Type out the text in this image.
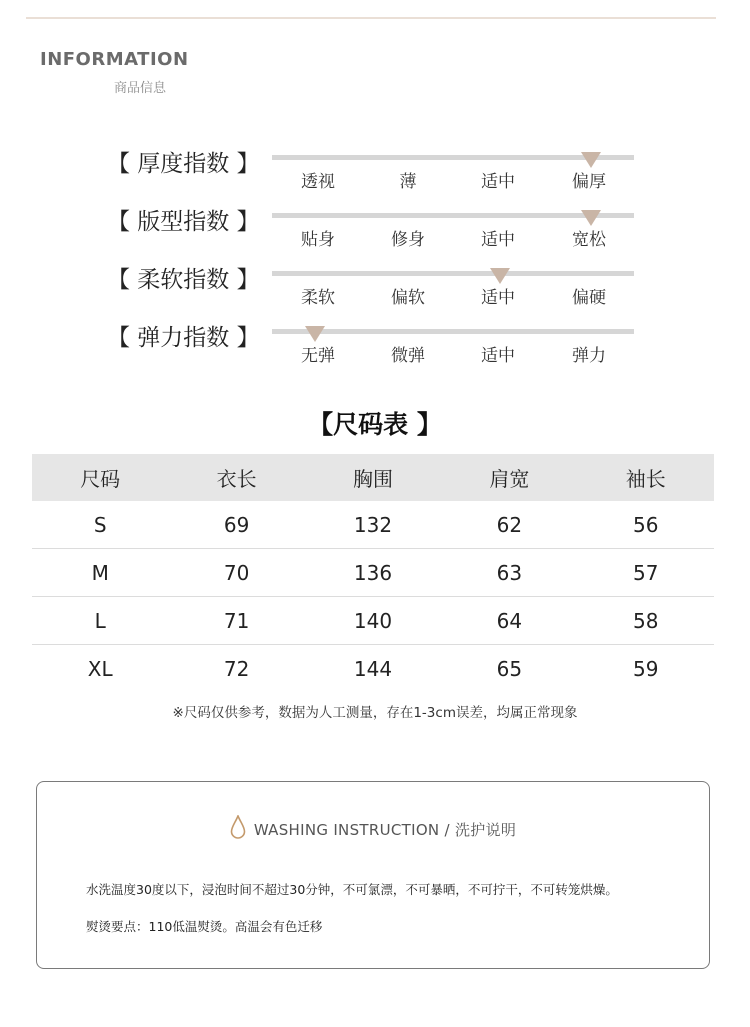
INFORMATION
商品信息
【 厚度指数 】
透视	薄	适中	偏厚
【 版型指数 】
贴身	修身	适中	宽松
【 柔软指数 】
柔软	偏软	适中	偏硬
【 弹力指数 】
无弹	微弹	适中	弹力
【尺码表 】
尺码	衣长	胸围	肩宽	袖长
S	69	132	62	56
M	70	136	63	57
L	71	140	64	58
XL	72	144	65	59
※尺码仅供参考，数据为人工测量，存在1-3cm误差，均属正常现象
WASHING INSTRUCTION / 洗护说明
水洗温度30度以下，浸泡时间不超过30分钟，不可氯漂，不可暴晒，不可拧干，不可转笼烘燥。
熨烫要点：110低温熨烫。高温会有色迁移
